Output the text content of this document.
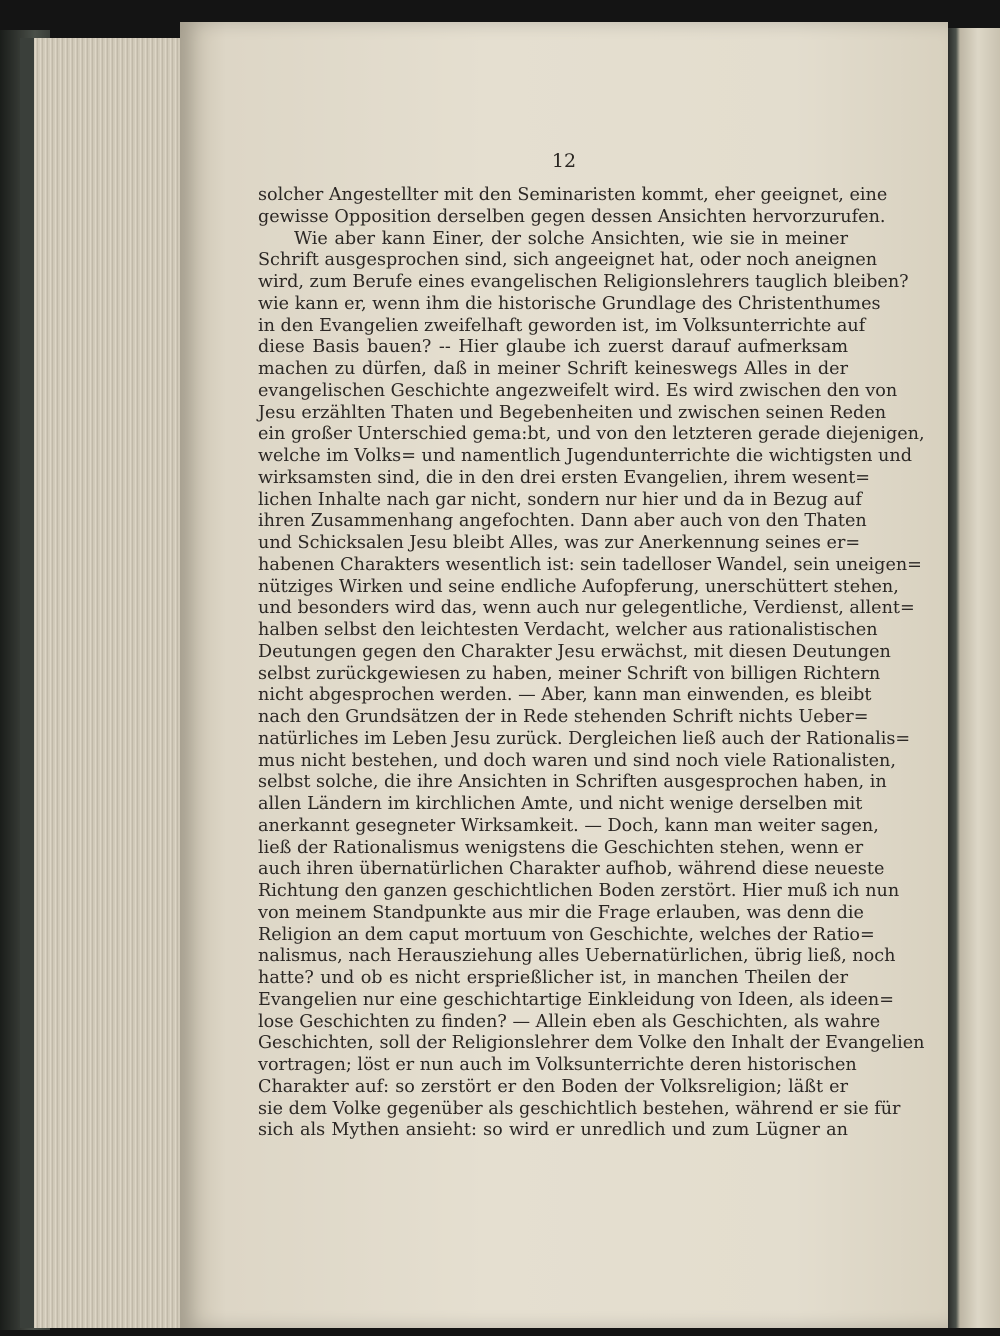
12
solcher Angestellter mit den Seminaristen kommt, eher geeignet, eine
gewisse Opposition derselben gegen dessen Ansichten hervorzurufen.
Wie aber kann Einer, der solche Ansichten, wie sie in meiner
Schrift ausgesprochen sind, sich angeeignet hat, oder noch aneignen
wird, zum Berufe eines evangelischen Religionslehrers tauglich bleiben?
wie kann er, wenn ihm die historische Grundlage des Christenthumes
in den Evangelien zweifelhaft geworden ist, im Volksunterrichte auf
diese Basis bauen? -- Hier glaube ich zuerst darauf aufmerksam
machen zu dürfen, daß in meiner Schrift keineswegs Alles in der
evangelischen Geschichte angezweifelt wird. Es wird zwischen den von
Jesu erzählten Thaten und Begebenheiten und zwischen seinen Reden
ein großer Unterschied gema:bt, und von den letzteren gerade diejenigen,
welche im Volks= und namentlich Jugendunterrichte die wichtigsten und
wirksamsten sind, die in den drei ersten Evangelien, ihrem wesent=
lichen Inhalte nach gar nicht, sondern nur hier und da in Bezug auf
ihren Zusammenhang angefochten. Dann aber auch von den Thaten
und Schicksalen Jesu bleibt Alles, was zur Anerkennung seines er=
habenen Charakters wesentlich ist: sein tadelloser Wandel, sein uneigen=
nütziges Wirken und seine endliche Aufopferung, unerschüttert stehen,
und besonders wird das, wenn auch nur gelegentliche, Verdienst, allent=
halben selbst den leichtesten Verdacht, welcher aus rationalistischen
Deutungen gegen den Charakter Jesu erwächst, mit diesen Deutungen
selbst zurückgewiesen zu haben, meiner Schrift von billigen Richtern
nicht abgesprochen werden. — Aber, kann man einwenden, es bleibt
nach den Grundsätzen der in Rede stehenden Schrift nichts Ueber=
natürliches im Leben Jesu zurück. Dergleichen ließ auch der Rationalis=
mus nicht bestehen, und doch waren und sind noch viele Rationalisten,
selbst solche, die ihre Ansichten in Schriften ausgesprochen haben, in
allen Ländern im kirchlichen Amte, und nicht wenige derselben mit
anerkannt gesegneter Wirksamkeit. — Doch, kann man weiter sagen,
ließ der Rationalismus wenigstens die Geschichten stehen, wenn er
auch ihren übernatürlichen Charakter aufhob, während diese neueste
Richtung den ganzen geschichtlichen Boden zerstört. Hier muß ich nun
von meinem Standpunkte aus mir die Frage erlauben, was denn die
Religion an dem caput mortuum von Geschichte, welches der Ratio=
nalismus, nach Herausziehung alles Uebernatürlichen, übrig ließ, noch
hatte? und ob es nicht ersprießlicher ist, in manchen Theilen der
Evangelien nur eine geschichtartige Einkleidung von Ideen, als ideen=
lose Geschichten zu finden? — Allein eben als Geschichten, als wahre
Geschichten, soll der Religionslehrer dem Volke den Inhalt der Evangelien
vortragen; löst er nun auch im Volksunterrichte deren historischen
Charakter auf: so zerstört er den Boden der Volksreligion; läßt er
sie dem Volke gegenüber als geschichtlich bestehen, während er sie für
sich als Mythen ansieht: so wird er unredlich und zum Lügner an
